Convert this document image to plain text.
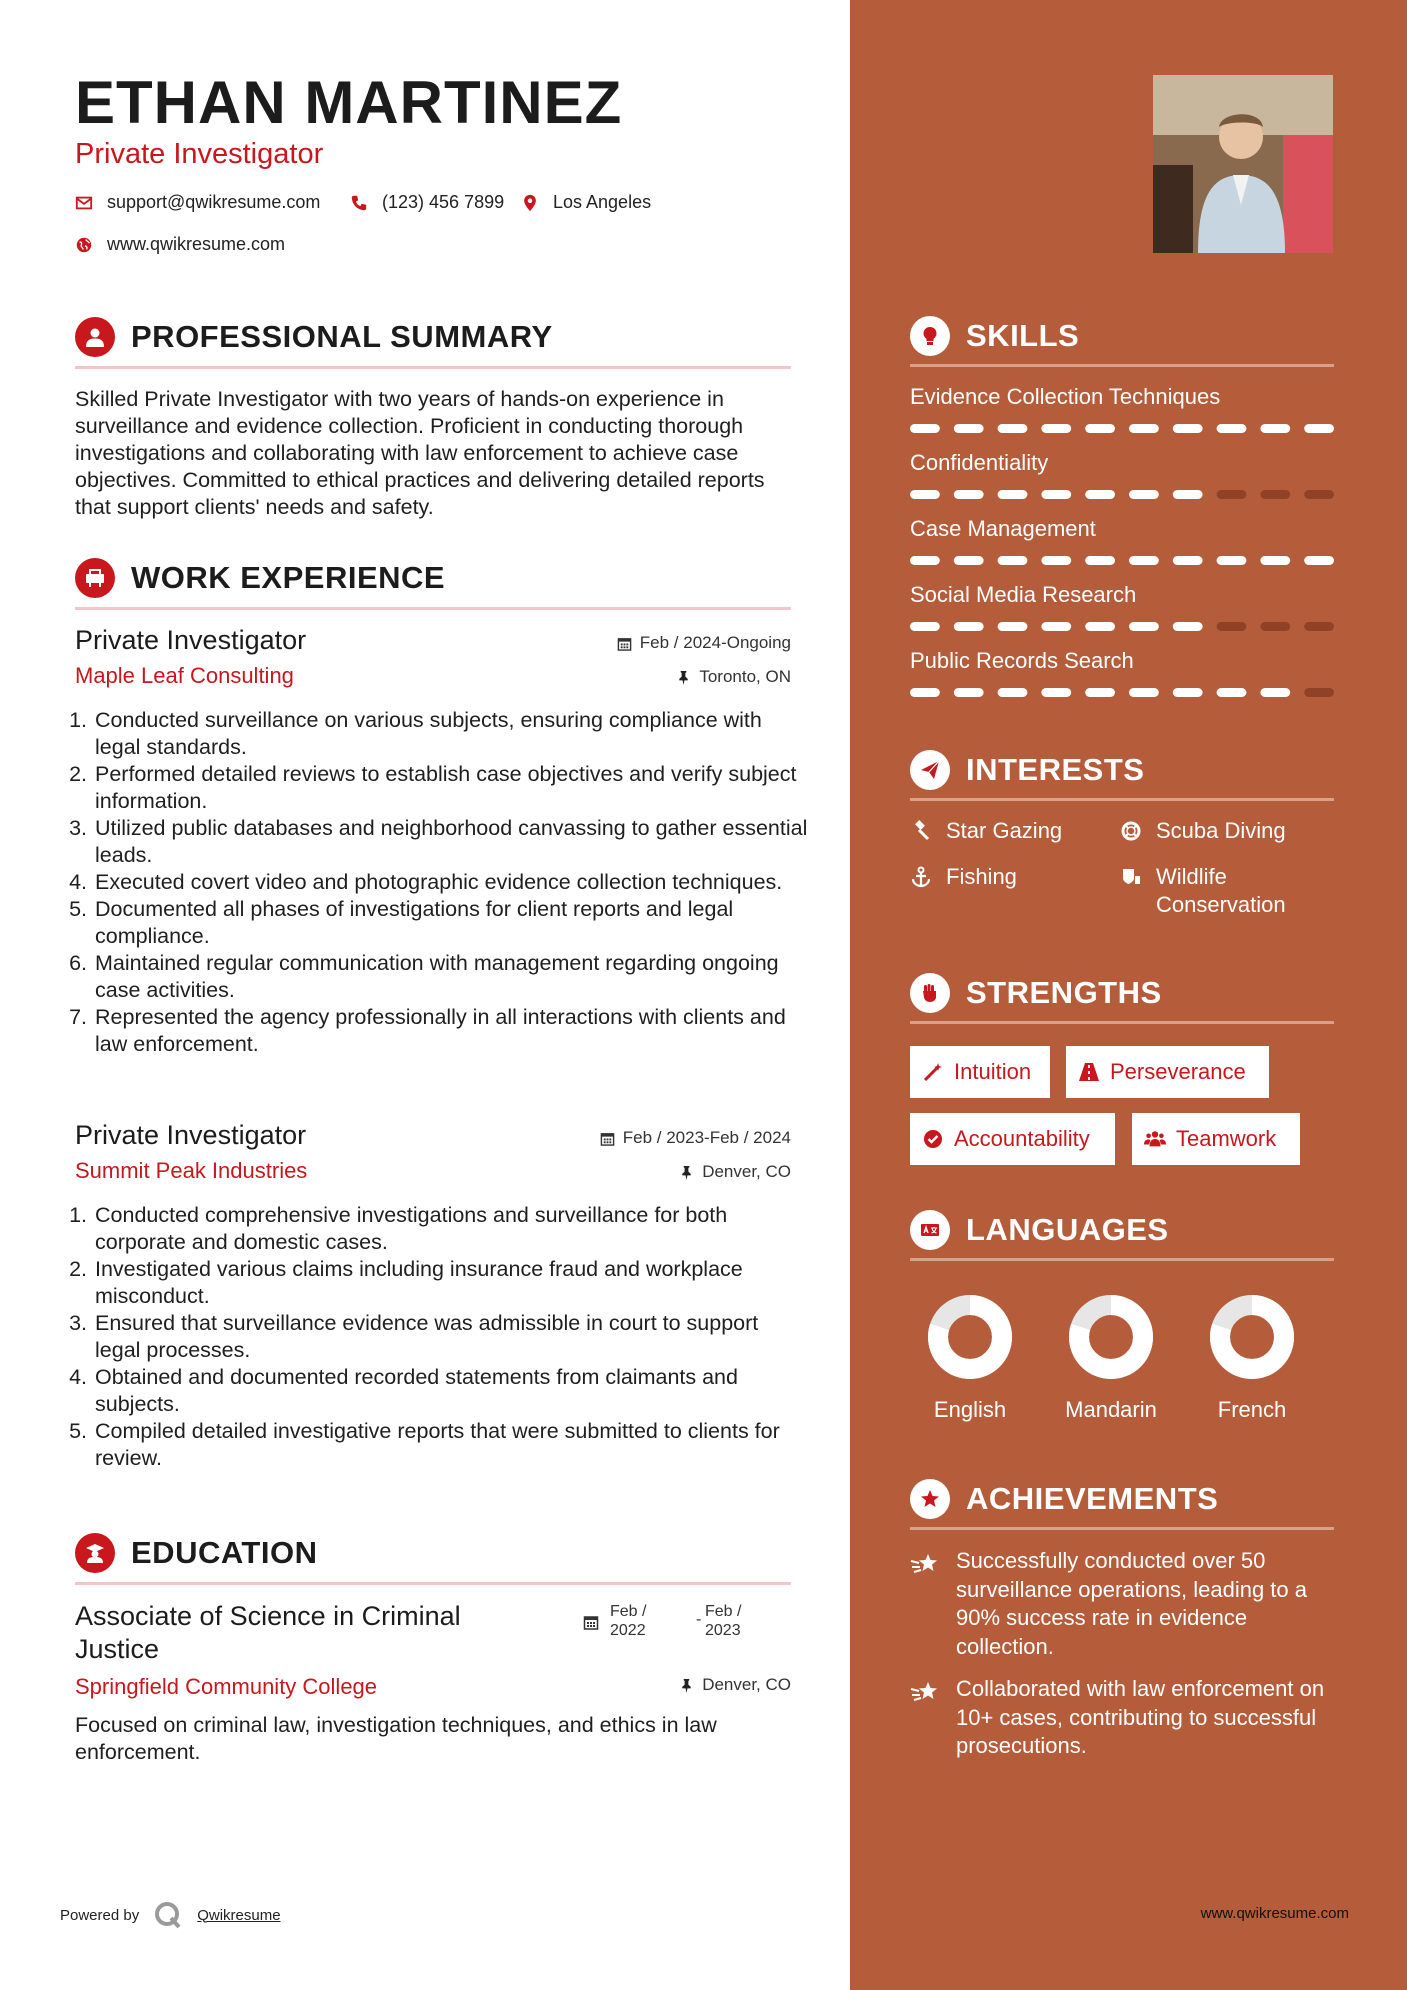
ETHAN MARTINEZ
Private Investigator
support@qwikresume.com	(123) 456 7899	Los Angeles
www.qwikresume.com
PROFESSIONAL SUMMARY

Skilled Private Investigator with two years of hands-on experience in surveillance and evidence collection. Proficient in conducting thorough investigations and collaborating with law enforcement to achieve case objectives. Committed to ethical practices and delivering detailed reports that support clients' needs and safety.

WORK EXPERIENCE
Private Investigator
Maple Leaf Consulting
Feb / 2024-Ongoing
Toronto, ON
1. Conducted surveillance on various subjects, ensuring compliance with legal standards.
2. Performed detailed reviews to establish case objectives and verify subject information.
3. Utilized public databases and neighborhood canvassing to gather essential leads.
4. Executed covert video and photographic evidence collection techniques.
5. Documented all phases of investigations for client reports and legal compliance.
6. Maintained regular communication with management regarding ongoing case activities.
7. Represented the agency professionally in all interactions with clients and law enforcement.
Private Investigator
Summit Peak Industries
Feb / 2023-Feb / 2024
Denver, CO
1. Conducted comprehensive investigations and surveillance for both corporate and domestic cases.
2. Investigated various claims including insurance fraud and workplace misconduct.
3. Ensured that surveillance evidence was admissible in court to support legal processes.
4. Obtained and documented recorded statements from claimants and subjects.
5. Compiled detailed investigative reports that were submitted to clients for review.
EDUCATION
Associate of Science in Criminal
Justice
Feb /
2022
- Feb /
2023
Springfield Community College	Denver, CO

Focused on criminal law, investigation techniques, and ethics in law enforcement.

Powered by	Qwikresume
SKILLS
Evidence Collection Techniques
Confidentiality
Case Management
Social Media Research
Public Records Search
INTERESTS
Star Gazing	Scuba Diving
Fishing	Wildlife Conservation
STRENGTHS
Intuition	Perseverance
Accountability	Teamwork
LANGUAGES
English	Mandarin	French
ACHIEVEMENTS
Successfully conducted over 50 surveillance operations, leading to a 90% success rate in evidence collection.
Collaborated with law enforcement on 10+ cases, contributing to successful prosecutions.
www.qwikresume.com
